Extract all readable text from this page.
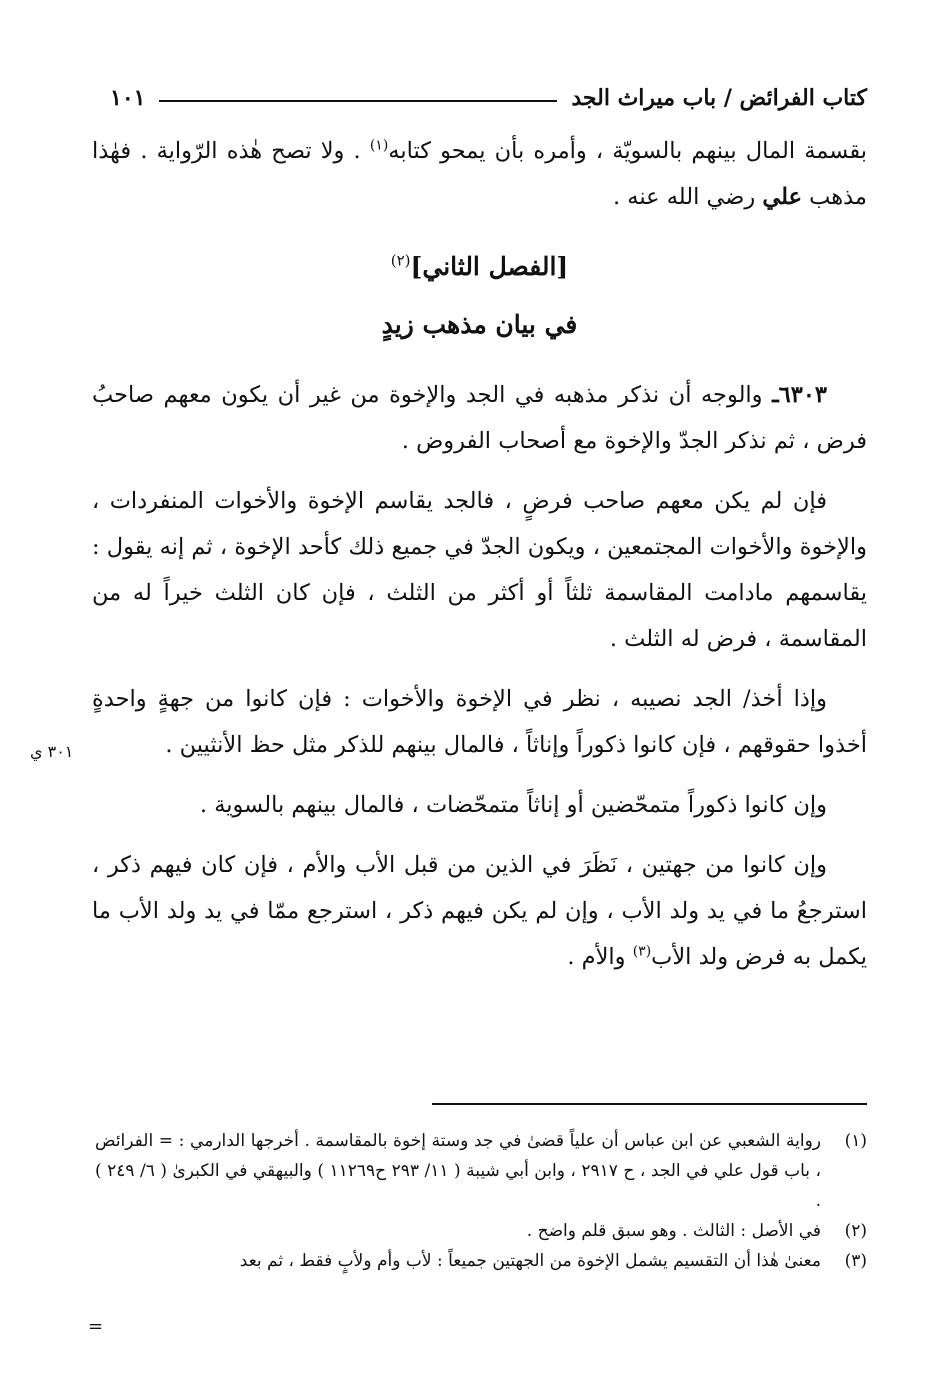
كتاب الفرائض / باب ميراث الجد
١٠١

بقسمة المال بينهم بالسويّة ، وأمره بأن يمحو كتابه$^{(١)}$ . ولا تصح هٰذه الرّواية . فهٰذا مذهب علي رضي الله عنه .

[الفصل الثاني]$^{(٢)}$

في بيان مذهب زيدٍ

٦٣٠٣ـ والوجه أن نذكر مذهبه في الجد والإخوة من غير أن يكون معهم صاحبُ فرض ، ثم نذكر الجدّ والإخوة مع أصحاب الفروض .

فإن لم يكن معهم صاحب فرضٍ ، فالجد يقاسم الإخوة والأخوات المنفردات ، والإخوة والأخوات المجتمعين ، ويكون الجدّ في جميع ذلك كأحد الإخوة ، ثم إنه يقول : يقاسمهم مادامت المقاسمة ثلثاً أو أكثر من الثلث ، فإن كان الثلث خيراً له من المقاسمة ، فرض له الثلث .

وإذا أخذ/ الجد نصيبه ، نظر في الإخوة والأخوات : فإن كانوا من جهةٍ واحدةٍ أخذوا حقوقهم ، فإن كانوا ذكوراً وإناثاً ، فالمال بينهم للذكر مثل حظ الأنثيين .

وإن كانوا ذكوراً متمحّضين أو إناثاً متمحّضات ، فالمال بينهم بالسوية .

وإن كانوا من جهتين ، نَظَرَ في الذين من قبل الأب والأم ، فإن كان فيهم ذكر ، استرجعُ ما في يد ولد الأب ، وإن لم يكن فيهم ذكر ، استرجع ممّا في يد ولد الأب ما يكمل به فرض ولد الأب$^{(٣)}$ والأم .

٣٠١ ي
(١)
رواية الشعبي عن ابن عباس أن علياً قضىٰ في جد وستة إخوة بالمقاسمة . أخرجها الدارمي : = الفرائض ، باب قول علي في الجد ، ح ٢٩١٧ ، وابن أبي شيبة ( ١١/ ٢٩٣ ح١١٢٦٩ ) والبيهقي في الكبرىٰ ( ٦/ ٢٤٩ ) .
(٢)
في الأصل : الثالث . وهو سبق قلم واضح .
(٣)
معنىٰ هٰذا أن التقسيم يشمل الإخوة من الجهتين جميعاً : لأب وأم ولأبٍ فقط ، ثم بعد
=
